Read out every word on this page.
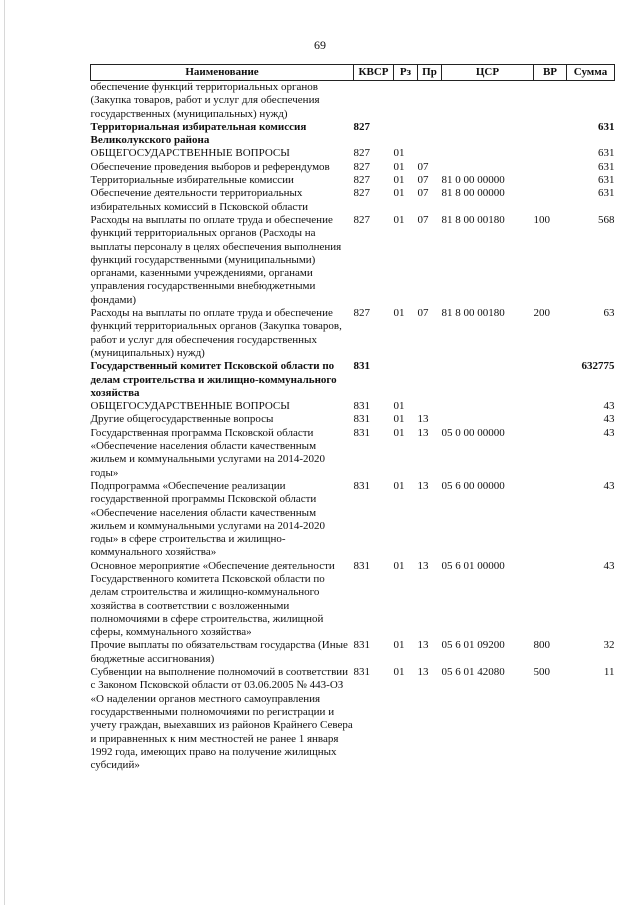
69
Наименование	КВСР	Рз	Пр	ЦСР	ВР	Сумма
обеспечение функций территориальных органов (Закупка товаров, работ и услуг для обеспечения государственных (муниципальных) нужд)						
Территориальная избирательная комиссия Великолукского района	827					631
ОБЩЕГОСУДАРСТВЕННЫЕ ВОПРОСЫ	827	01				631
Обеспечение проведения выборов и референдумов	827	01	07			631
Территориальные избирательные комиссии	827	01	07	81 0 00 00000		631
Обеспечение деятельности территориальных избирательных комиссий в Псковской области	827	01	07	81 8 00 00000		631
Расходы на выплаты по оплате труда и обеспечение функций территориальных органов (Расходы на выплаты персоналу в целях обеспечения выполнения функций государственными (муниципальными) органами, казенными учреждениями, органами управления государственными внебюджетными фондами)	827	01	07	81 8 00 00180	100	568
Расходы на выплаты по оплате труда и обеспечение функций территориальных органов (Закупка товаров, работ и услуг для обеспечения государственных (муниципальных) нужд)	827	01	07	81 8 00 00180	200	63
Государственный комитет Псковской области по делам строительства и жилищно-коммунального хозяйства	831					632775
ОБЩЕГОСУДАРСТВЕННЫЕ ВОПРОСЫ	831	01				43
Другие общегосударственные вопросы	831	01	13			43
Государственная программа Псковской области «Обеспечение населения области качественным жильем и коммунальными услугами на 2014-2020 годы»	831	01	13	05 0 00 00000		43
Подпрограмма «Обеспечение реализации государственной программы Псковской области «Обеспечение населения области качественным жильем и коммунальными услугами на 2014-2020 годы» в сфере строительства и жилищно-коммунального хозяйства»	831	01	13	05 6 00 00000		43
Основное мероприятие «Обеспечение деятельности Государственного комитета Псковской области по делам строительства и жилищно-коммунального хозяйства в соответствии с возложенными полномочиями в сфере строительства, жилищной сферы, коммунального хозяйства»	831	01	13	05 6 01 00000		43
Прочие выплаты по обязательствам государства (Иные бюджетные ассигнования)	831	01	13	05 6 01 09200	800	32
Субвенции на выполнение полномочий в соответствии с Законом Псковской области от 03.06.2005 № 443-ОЗ «О наделении органов местного самоуправления государственными полномочиями по регистрации и учету граждан, выехавших из районов Крайнего Севера и приравненных к ним местностей не ранее 1 января 1992 года, имеющих право на получение жилищных субсидий»	831	01	13	05 6 01 42080	500	11
